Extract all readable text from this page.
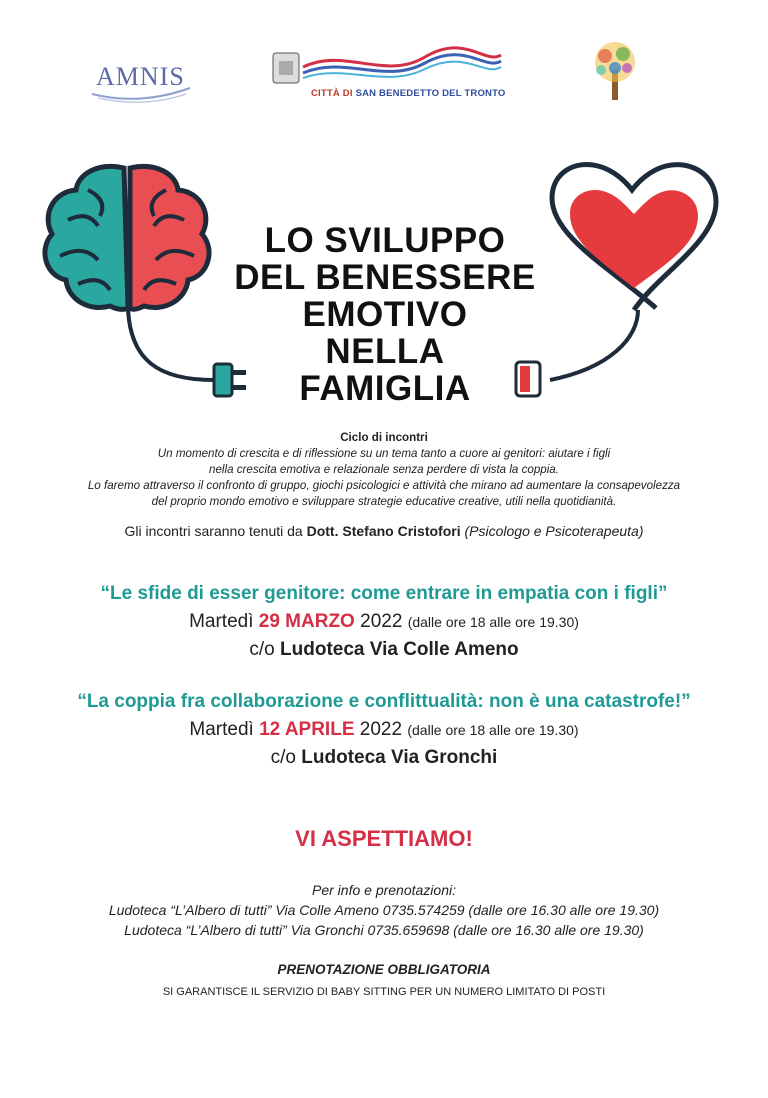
AMNIS
CITTÀ DI SAN BENEDETTO DEL TRONTO
LO SVILUPPO
DEL BENESSERE
EMOTIVO
NELLA
FAMIGLIA
Ciclo di incontri
Un momento di crescita e di riflessione su un tema tanto a cuore ai genitori: aiutare i figli
nella crescita emotiva e relazionale senza perdere di vista la coppia.
Lo faremo attraverso il confronto di gruppo, giochi psicologici e attività che mirano ad aumentare la consapevolezza
del proprio mondo emotivo e sviluppare strategie educative creative, utili nella quotidianità.
Gli incontri saranno tenuti da Dott. Stefano Cristofori (Psicologo e Psicoterapeuta)
“Le sfide di esser genitore: come entrare in empatia con i figli”
Martedì 29 MARZO 2022 (dalle ore 18 alle ore 19.30)
c/o Ludoteca Via Colle Ameno
“La coppia fra collaborazione e conflittualità: non è una catastrofe!”
Martedì 12 APRILE 2022 (dalle ore 18 alle ore 19.30)
c/o Ludoteca Via Gronchi
VI ASPETTIAMO!
Per info e prenotazioni:
Ludoteca “L’Albero di tutti” Via Colle Ameno 0735.574259 (dalle ore 16.30 alle ore 19.30)
Ludoteca “L’Albero di tutti” Via Gronchi 0735.659698 (dalle ore 16.30 alle ore 19.30)
PRENOTAZIONE OBBLIGATORIA
SI GARANTISCE IL SERVIZIO DI BABY SITTING PER UN NUMERO LIMITATO DI POSTI
